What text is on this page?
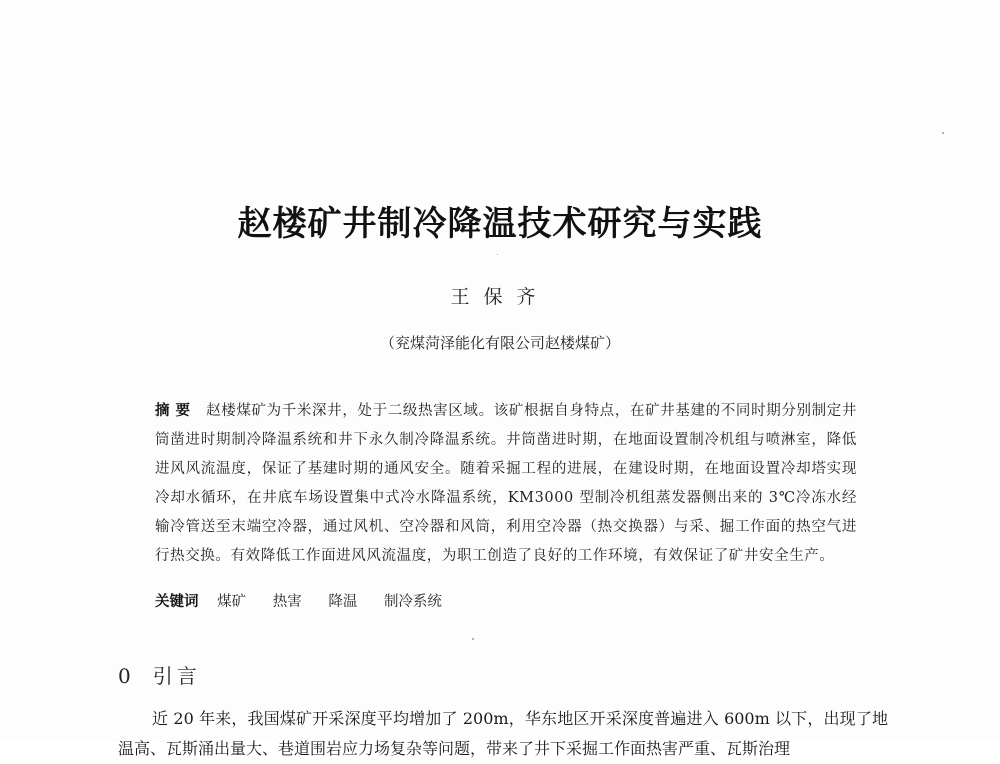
赵楼矿井制冷降温技术研究与实践
王保齐
（兖煤菏泽能化有限公司赵楼煤矿）
摘要 赵楼煤矿为千米深井，处于二级热害区域。该矿根据自身特点，在矿井基建的不同时期分别制定井筒凿进时期制冷降温系统和井下永久制冷降温系统。井筒凿进时期，在地面设置制冷机组与喷淋室，降低进风风流温度，保证了基建时期的通风安全。随着采掘工程的进展，在建设时期，在地面设置冷却塔实现冷却水循环，在井底车场设置集中式冷水降温系统，KM3000 型制冷机组蒸发器侧出来的 3℃冷冻水经输冷管送至末端空冷器，通过风机、空冷器和风筒，利用空冷器（热交换器）与采、掘工作面的热空气进行热交换。有效降低工作面进风风流温度，为职工创造了良好的工作环境，有效保证了矿井安全生产。
关键词 煤矿 热害 降温 制冷系统
0 引言
近 20 年来，我国煤矿开采深度平均增加了 200m，华东地区开采深度普遍进入 600m 以下，出现了地温高、瓦斯涌出量大、巷道围岩应力场复杂等问题，带来了井下采掘工作面热害严重、瓦斯治理
